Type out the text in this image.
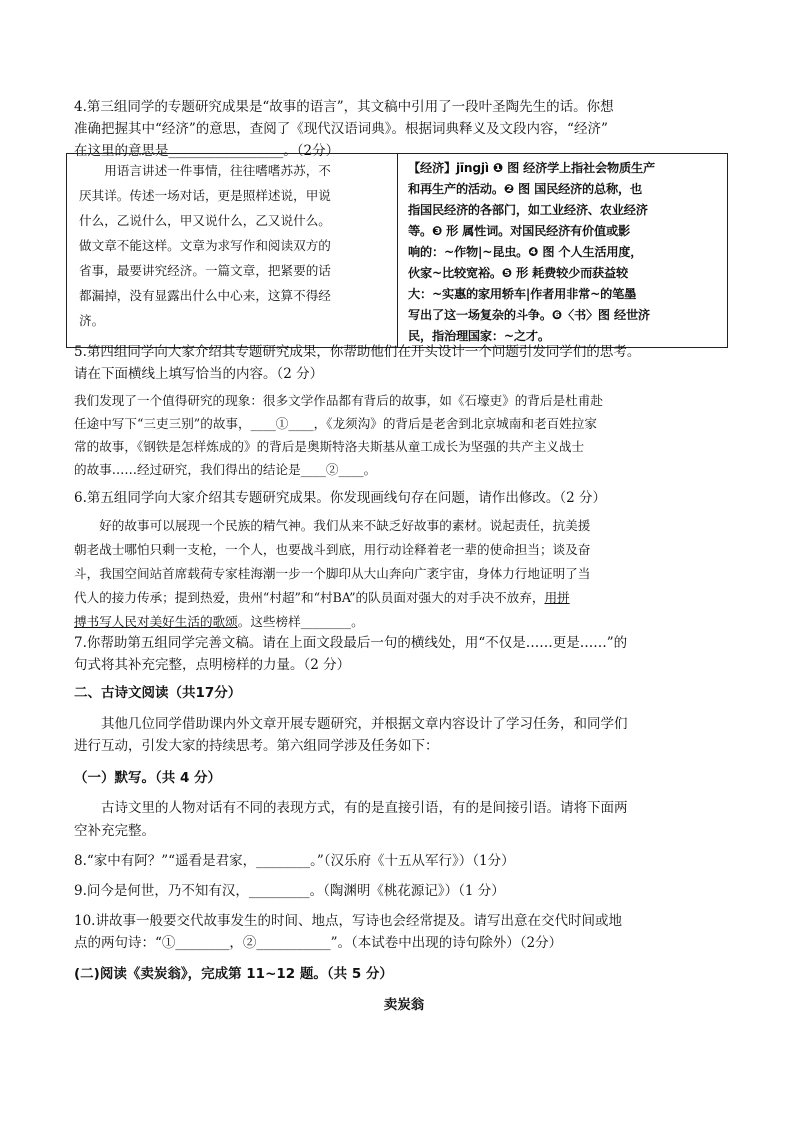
4.第三组同学的专题研究成果是“故事的语言”，其文稿中引用了一段叶圣陶先生的话。你想
准确把握其中“经济”的意思，查阅了《现代汉语词典》。根据词典释义及文段内容，“经济”
在这里的意思是_________________。（2分）
　　用语言讲述一件事情，往往嗜嗜苏苏，不
厌其详。传述一场对话，更是照样述说，甲说
什么，乙说什么，甲又说什么，乙又说什么。
做文章不能这样。文章为求写作和阅读双方的
省事，最要讲究经济。一篇文章，把紧要的话
都漏掉，没有显露出什么中心来，这算不得经
济。

【经济】jīngjì ❶ 图 经济学上指社会物质生产
和再生产的活动。❷ 图 国民经济的总称，也
指国民经济的各部门，如工业经济、农业经济
等。❸ 形 属性词。对国民经济有价值或影
响的：~作物|~昆虫。❹ 图 个人生活用度，
伙家~比较宽裕。❺ 形 耗费较少而获益较
大：~实惠的家用轿车|作者用非常~的笔墨
写出了这一场复杂的斗争。❻〈书〉图 经世济
民，指治理国家：~之才。
5.第四组同学向大家介绍其专题研究成果，你帮助他们在开头设计一个问题引发同学们的思考。
请在下面横线上填写恰当的内容。（2 分）
我们发现了一个值得研究的现象：很多文学作品都有背后的故事，如《石壕吏》的背后是杜甫赴
任途中写下“三吏三别”的故事，____①____，《龙须沟》的背后是老舍到北京城南和老百姓拉家
常的故事，《钢铁是怎样炼成的》的背后是奥斯特洛夫斯基从童工成长为坚强的共产主义战士
的故事……经过研究，我们得出的结论是____②____。
6.第五组同学向大家介绍其专题研究成果。你发现画线句存在问题，请作出修改。（2 分）
　　好的故事可以展现一个民族的精气神。我们从来不缺乏好故事的素材。说起责任，抗美援
朝老战士哪怕只剩一支枪，一个人，也要战斗到底，用行动诠释着老一辈的使命担当；谈及奋
斗，我国空间站首席载荷专家桂海潮一步一个脚印从大山奔向广袤宇宙，身体力行地证明了当
代人的接力传承；提到热爱，贵州“村超”和“村BA”的队员面对强大的对手决不放弃，用拼
搏书写人民对美好生活的歌颂。这些榜样________。
7.你帮助第五组同学完善文稿。请在上面文段最后一句的横线处，用“不仅是……更是……”的
句式将其补充完整，点明榜样的力量。（2 分）
二、古诗文阅读（共17分）
　　其他几位同学借助课内外文章开展专题研究，并根据文章内容设计了学习任务，和同学们
进行互动，引发大家的持续思考。第六组同学涉及任务如下：
（一）默写。（共 4 分）
　　古诗文里的人物对话有不同的表现方式，有的是直接引语，有的是间接引语。请将下面两
空补充完整。
8.“家中有阿？”“遥看是君家，________。”（汉乐府《十五从军行》）（1分）
9.问今是何世，乃不知有汉，_________。（陶渊明《桃花源记》）（1 分）
10.讲故事一般要交代故事发生的时间、地点，写诗也会经常提及。请写出意在交代时间或地
点的两句诗：“①________，②___________”。（本试卷中出现的诗句除外）（2分）
(二)阅读《卖炭翁》，完成第 11~12 题。（共 5 分）
卖炭翁
